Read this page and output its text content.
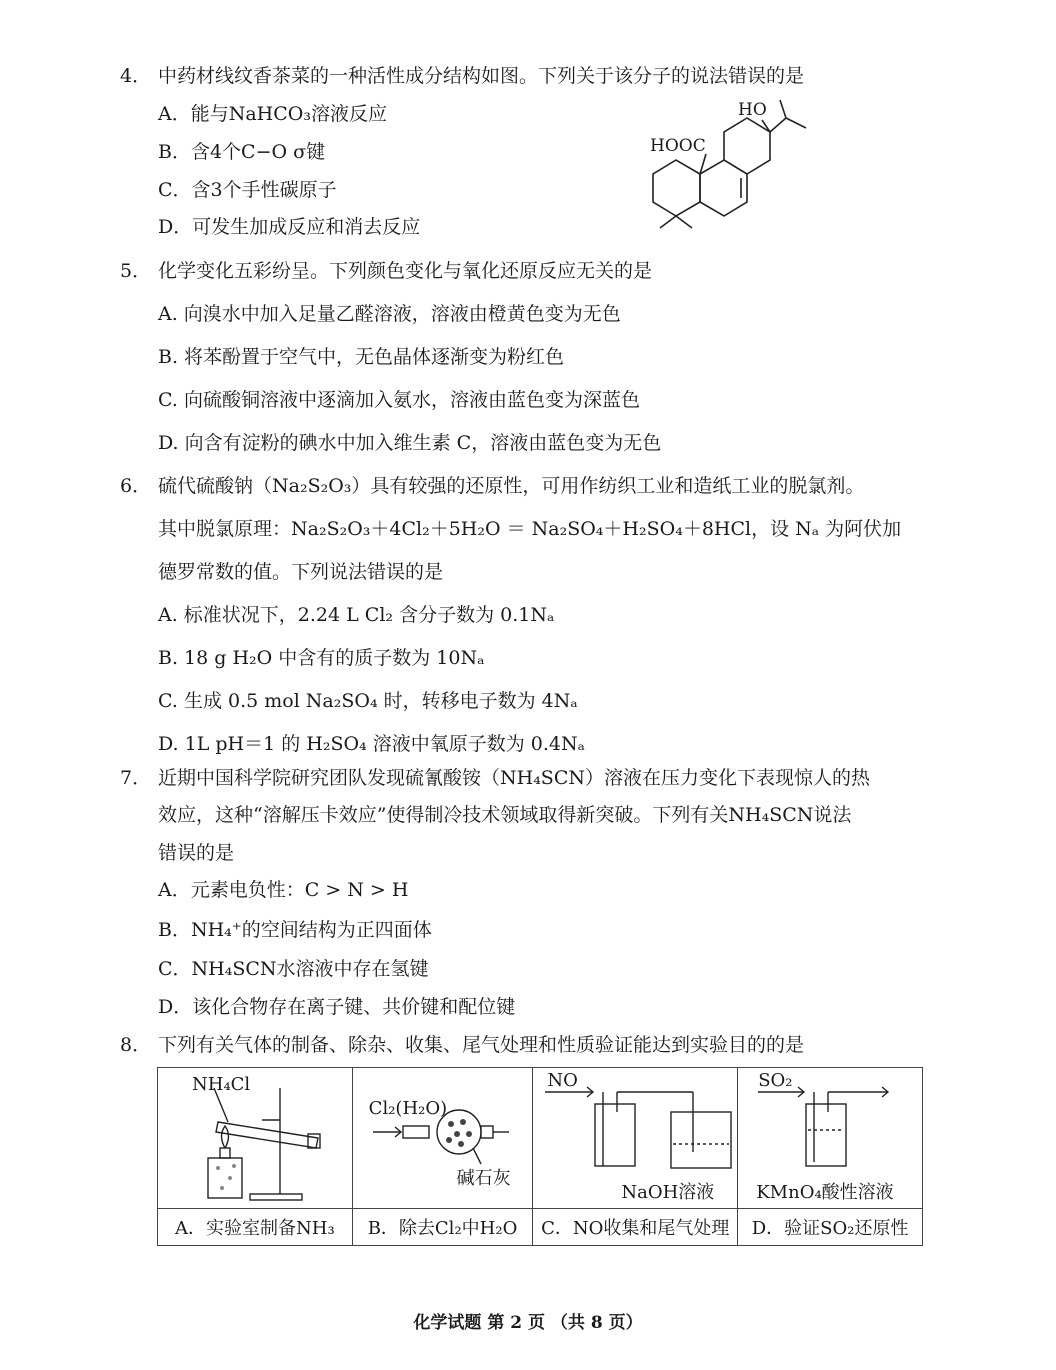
4． 中药材线纹香茶菜的一种活性成分结构如图。下列关于该分子的说法错误的是
A．能与NaHCO₃溶液反应
B．含4个C−O σ键
C．含3个手性碳原子
D．可发生加成反应和消去反应
HO
HOOC
5． 化学变化五彩纷呈。下列颜色变化与氧化还原反应无关的是
A. 向溴水中加入足量乙醛溶液，溶液由橙黄色变为无色
B. 将苯酚置于空气中，无色晶体逐渐变为粉红色
C. 向硫酸铜溶液中逐滴加入氨水，溶液由蓝色变为深蓝色
D. 向含有淀粉的碘水中加入维生素 C，溶液由蓝色变为无色
6． 硫代硫酸钠（Na₂S₂O₃）具有较强的还原性，可用作纺织工业和造纸工业的脱氯剂。
其中脱氯原理：Na₂S₂O₃＋4Cl₂＋5H₂O ＝ Na₂SO₄＋H₂SO₄＋8HCl，设 Nₐ 为阿伏加
德罗常数的值。下列说法错误的是
A. 标准状况下，2.24 L Cl₂ 含分子数为 0.1Nₐ
B. 18 g H₂O 中含有的质子数为 10Nₐ
C. 生成 0.5 mol Na₂SO₄ 时，转移电子数为 4Nₐ
D. 1L pH＝1 的 H₂SO₄ 溶液中氧原子数为 0.4Nₐ
7． 近期中国科学院研究团队发现硫氰酸铵（NH₄SCN）溶液在压力变化下表现惊人的热
效应，这种“溶解压卡效应”使得制冷技术领域取得新突破。下列有关NH₄SCN说法
错误的是
A．元素电负性：C > N > H
B．NH₄⁺的空间结构为正四面体
C．NH₄SCN水溶液中存在氢键
D．该化合物存在离子键、共价键和配位键
8． 下列有关气体的制备、除杂、收集、尾气处理和性质验证能达到实验目的的是
NH₄Cl	Cl₂(H₂O)
碱石灰	NO
NaOH溶液	SO₂
KMnO₄酸性溶液

A．实验室制备NH₃	B．除去Cl₂中H₂O	C．NO收集和尾气处理	D．验证SO₂还原性
化学试题 第 2 页 （共 8 页）
